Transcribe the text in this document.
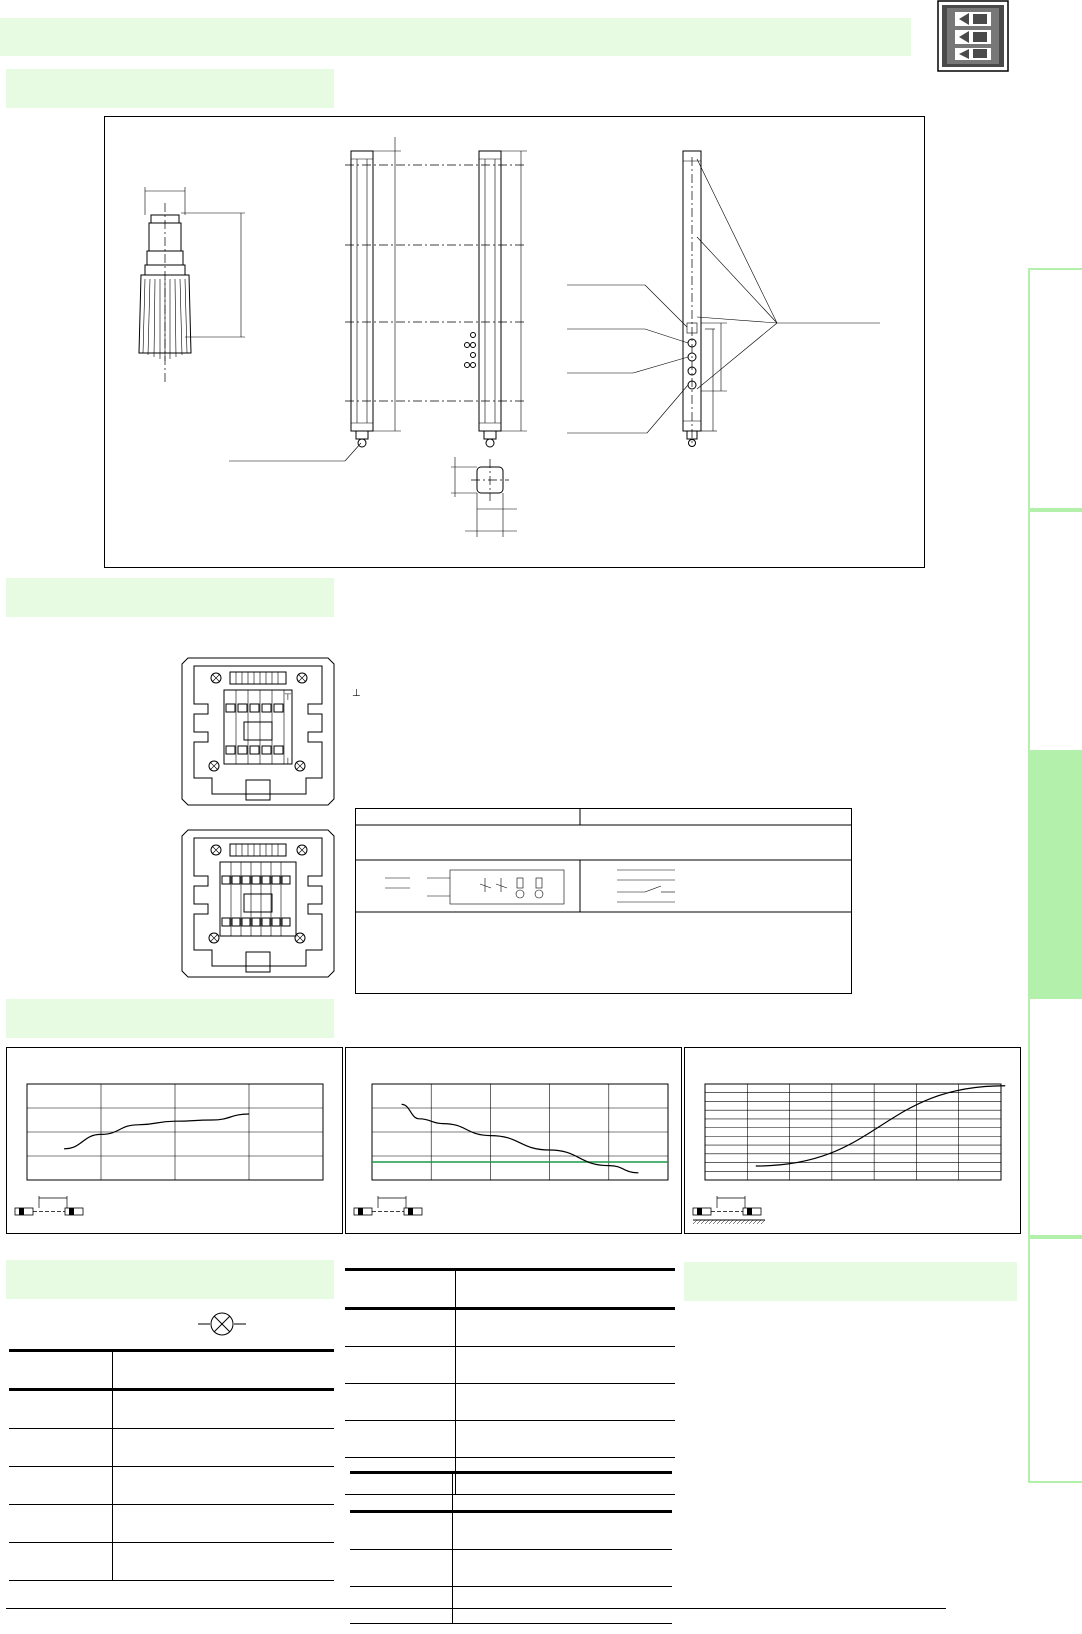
⊤
⊥
⊥
